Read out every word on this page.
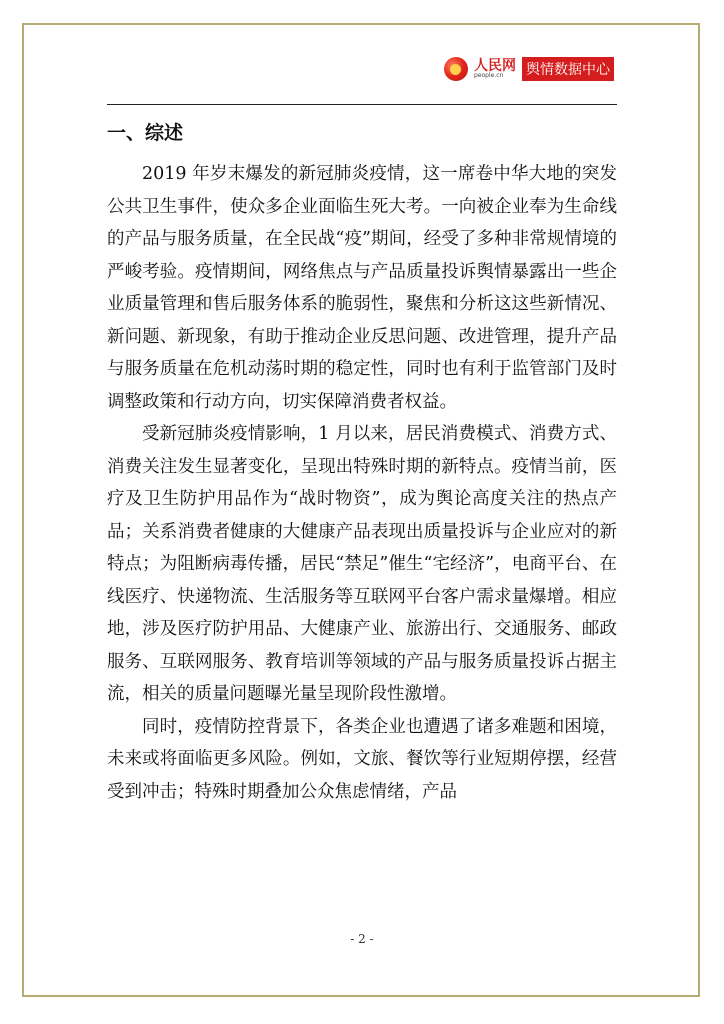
人民网
people.cn	舆情数据中心
一、综述

2019 年岁末爆发的新冠肺炎疫情，这一席卷中华大地的突发公共卫生事件，使众多企业面临生死大考。一向被企业奉为生命线的产品与服务质量，在全民战“疫”期间，经受了多种非常规情境的严峻考验。疫情期间，网络焦点与产品质量投诉舆情暴露出一些企业质量管理和售后服务体系的脆弱性，聚焦和分析这这些新情况、新问题、新现象，有助于推动企业反思问题、改进管理，提升产品与服务质量在危机动荡时期的稳定性，同时也有利于监管部门及时调整政策和行动方向，切实保障消费者权益。

受新冠肺炎疫情影响，1 月以来，居民消费模式、消费方式、消费关注发生显著变化，呈现出特殊时期的新特点。疫情当前，医疗及卫生防护用品作为“战时物资”，成为舆论高度关注的热点产品；关系消费者健康的大健康产品表现出质量投诉与企业应对的新特点；为阻断病毒传播，居民“禁足”催生“宅经济”，电商平台、在线医疗、快递物流、生活服务等互联网平台客户需求量爆增。相应地，涉及医疗防护用品、大健康产业、旅游出行、交通服务、邮政服务、互联网服务、教育培训等领域的产品与服务质量投诉占据主流，相关的质量问题曝光量呈现阶段性激增。

同时，疫情防控背景下，各类企业也遭遇了诸多难题和困境，未来或将面临更多风险。例如，文旅、餐饮等行业短期停摆，经营受到冲击；特殊时期叠加公众焦虑情绪，产品

- 2 -
